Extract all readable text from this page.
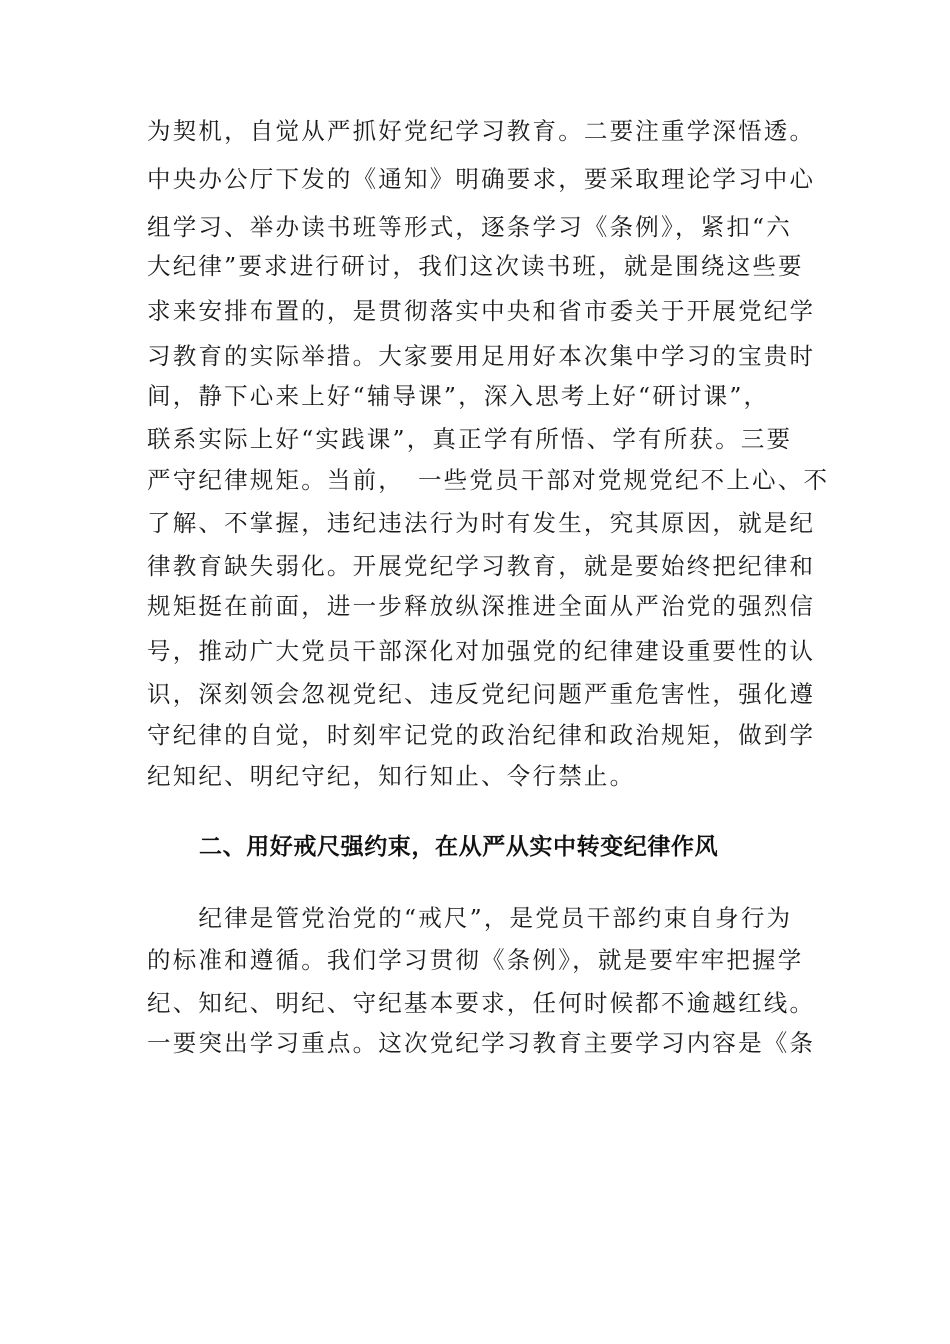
为契机，自觉从严抓好党纪学习教育。二要注重学深悟透。
中央办公厅下发的《通知》明确要求，要采取理论学习中心
组学习、举办读书班等形式，逐条学习《条例》，紧扣“六
大纪律”要求进行研讨，我们这次读书班，就是围绕这些要
求来安排布置的，是贯彻落实中央和省市委关于开展党纪学
习教育的实际举措。大家要用足用好本次集中学习的宝贵时
间，静下心来上好“辅导课”，深入思考上好“研讨课”，
联系实际上好“实践课”，真正学有所悟、学有所获。三要
严守纪律规矩。当前，　一些党员干部对党规党纪不上心、不
了解、不掌握，违纪违法行为时有发生，究其原因，就是纪
律教育缺失弱化。开展党纪学习教育，就是要始终把纪律和
规矩挺在前面，进一步释放纵深推进全面从严治党的强烈信
号，推动广大党员干部深化对加强党的纪律建设重要性的认
识，深刻领会忽视党纪、违反党纪问题严重危害性，强化遵
守纪律的自觉，时刻牢记党的政治纪律和政治规矩，做到学
纪知纪、明纪守纪，知行知止、令行禁止。
二、用好戒尺强约束，在从严从实中转变纪律作风
　　纪律是管党治党的“戒尺”，是党员干部约束自身行为
的标准和遵循。我们学习贯彻《条例》，就是要牢牢把握学
纪、知纪、明纪、守纪基本要求，任何时候都不逾越红线。
一要突出学习重点。这次党纪学习教育主要学习内容是《条
